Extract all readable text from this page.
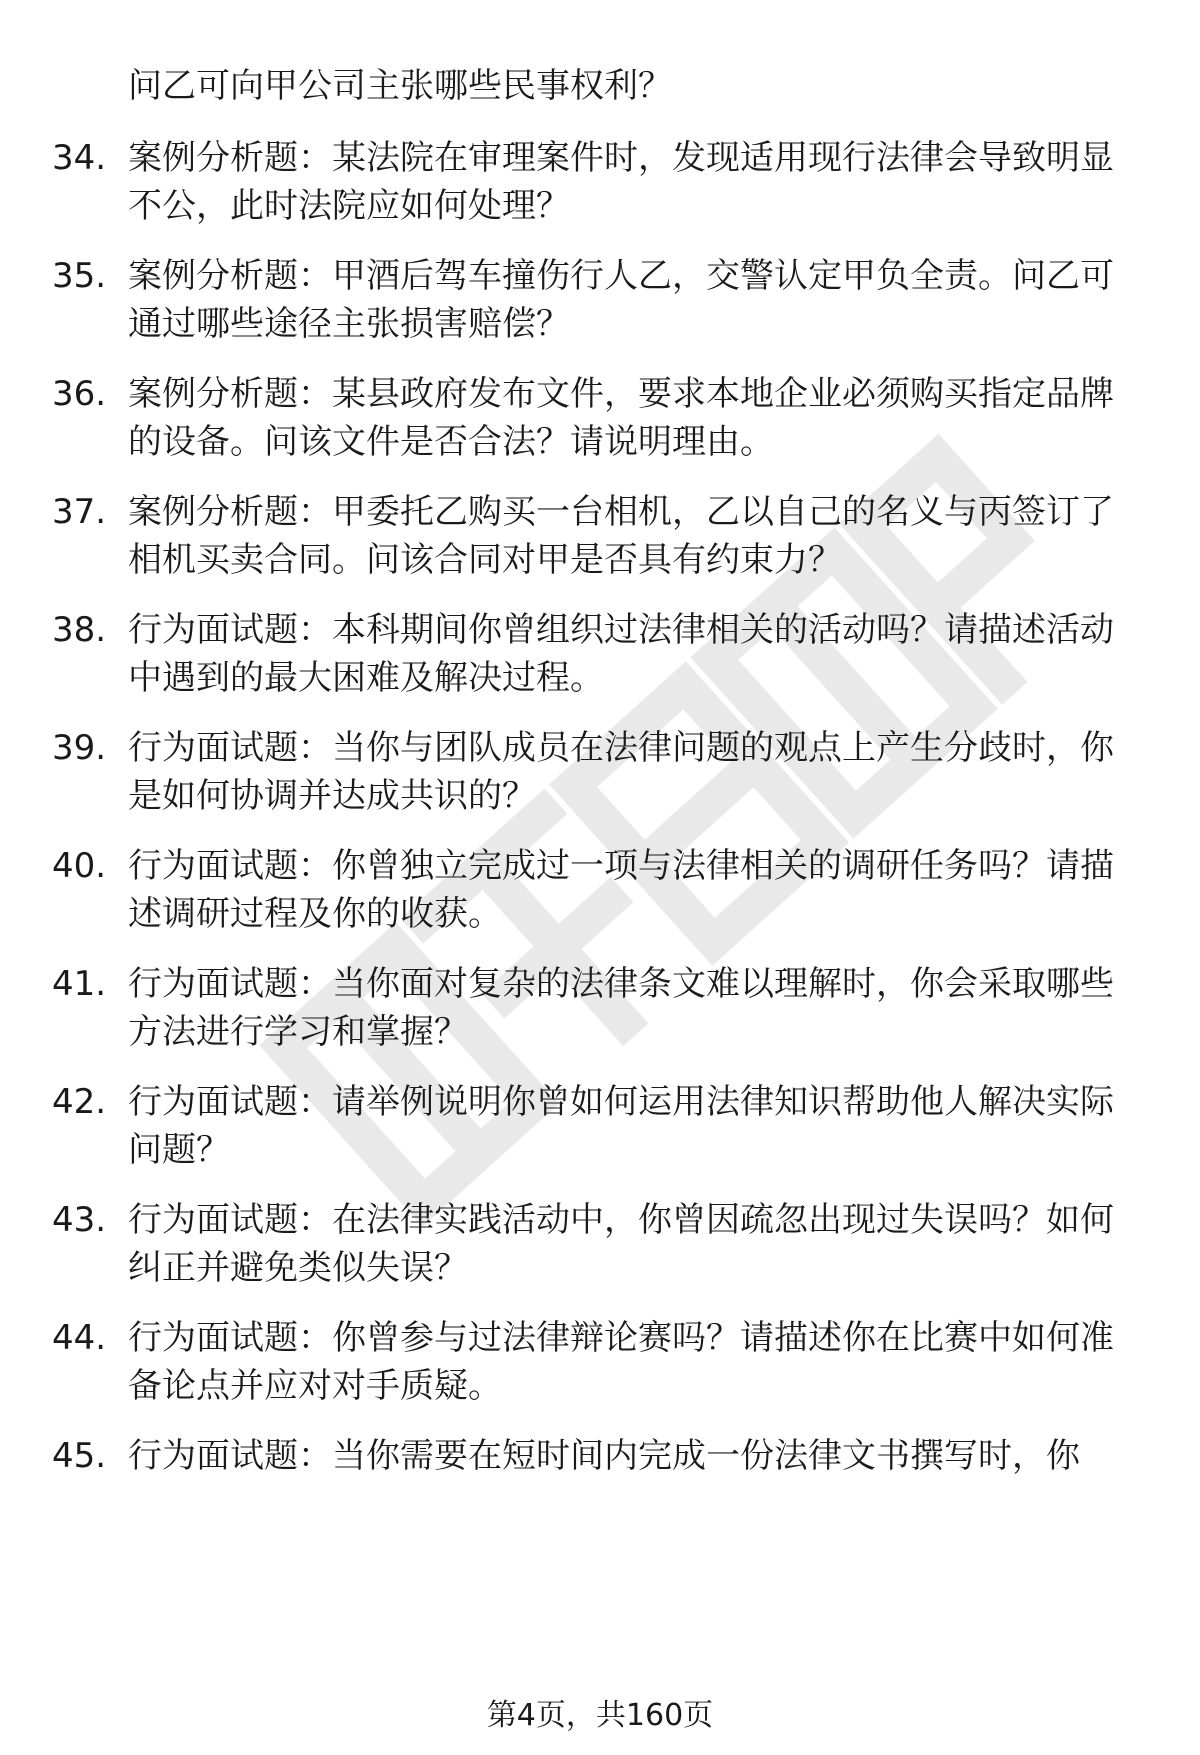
问乙可向甲公司主张哪些民事权利？

34. 案例分析题：某法院在审理案件时，发现适用现行法律会导致明显不公，此时法院应如何处理？

35. 案例分析题：甲酒后驾车撞伤行人乙，交警认定甲负全责。问乙可通过哪些途径主张损害赔偿？

36. 案例分析题：某县政府发布文件，要求本地企业必须购买指定品牌的设备。问该文件是否合法？请说明理由。

37. 案例分析题：甲委托乙购买一台相机，乙以自己的名义与丙签订了相机买卖合同。问该合同对甲是否具有约束力？

38. 行为面试题：本科期间你曾组织过法律相关的活动吗？请描述活动中遇到的最大困难及解决过程。

39. 行为面试题：当你与团队成员在法律问题的观点上产生分歧时，你是如何协调并达成共识的？

40. 行为面试题：你曾独立完成过一项与法律相关的调研任务吗？请描述调研过程及你的收获。

41. 行为面试题：当你面对复杂的法律条文难以理解时，你会采取哪些方法进行学习和掌握？

42. 行为面试题：请举例说明你曾如何运用法律知识帮助他人解决实际问题？

43. 行为面试题：在法律实践活动中，你曾因疏忽出现过失误吗？如何纠正并避免类似失误？

44. 行为面试题：你曾参与过法律辩论赛吗？请描述你在比赛中如何准备论点并应对对手质疑。

45. 行为面试题：当你需要在短时间内完成一份法律文书撰写时，你

第4页，共160页
